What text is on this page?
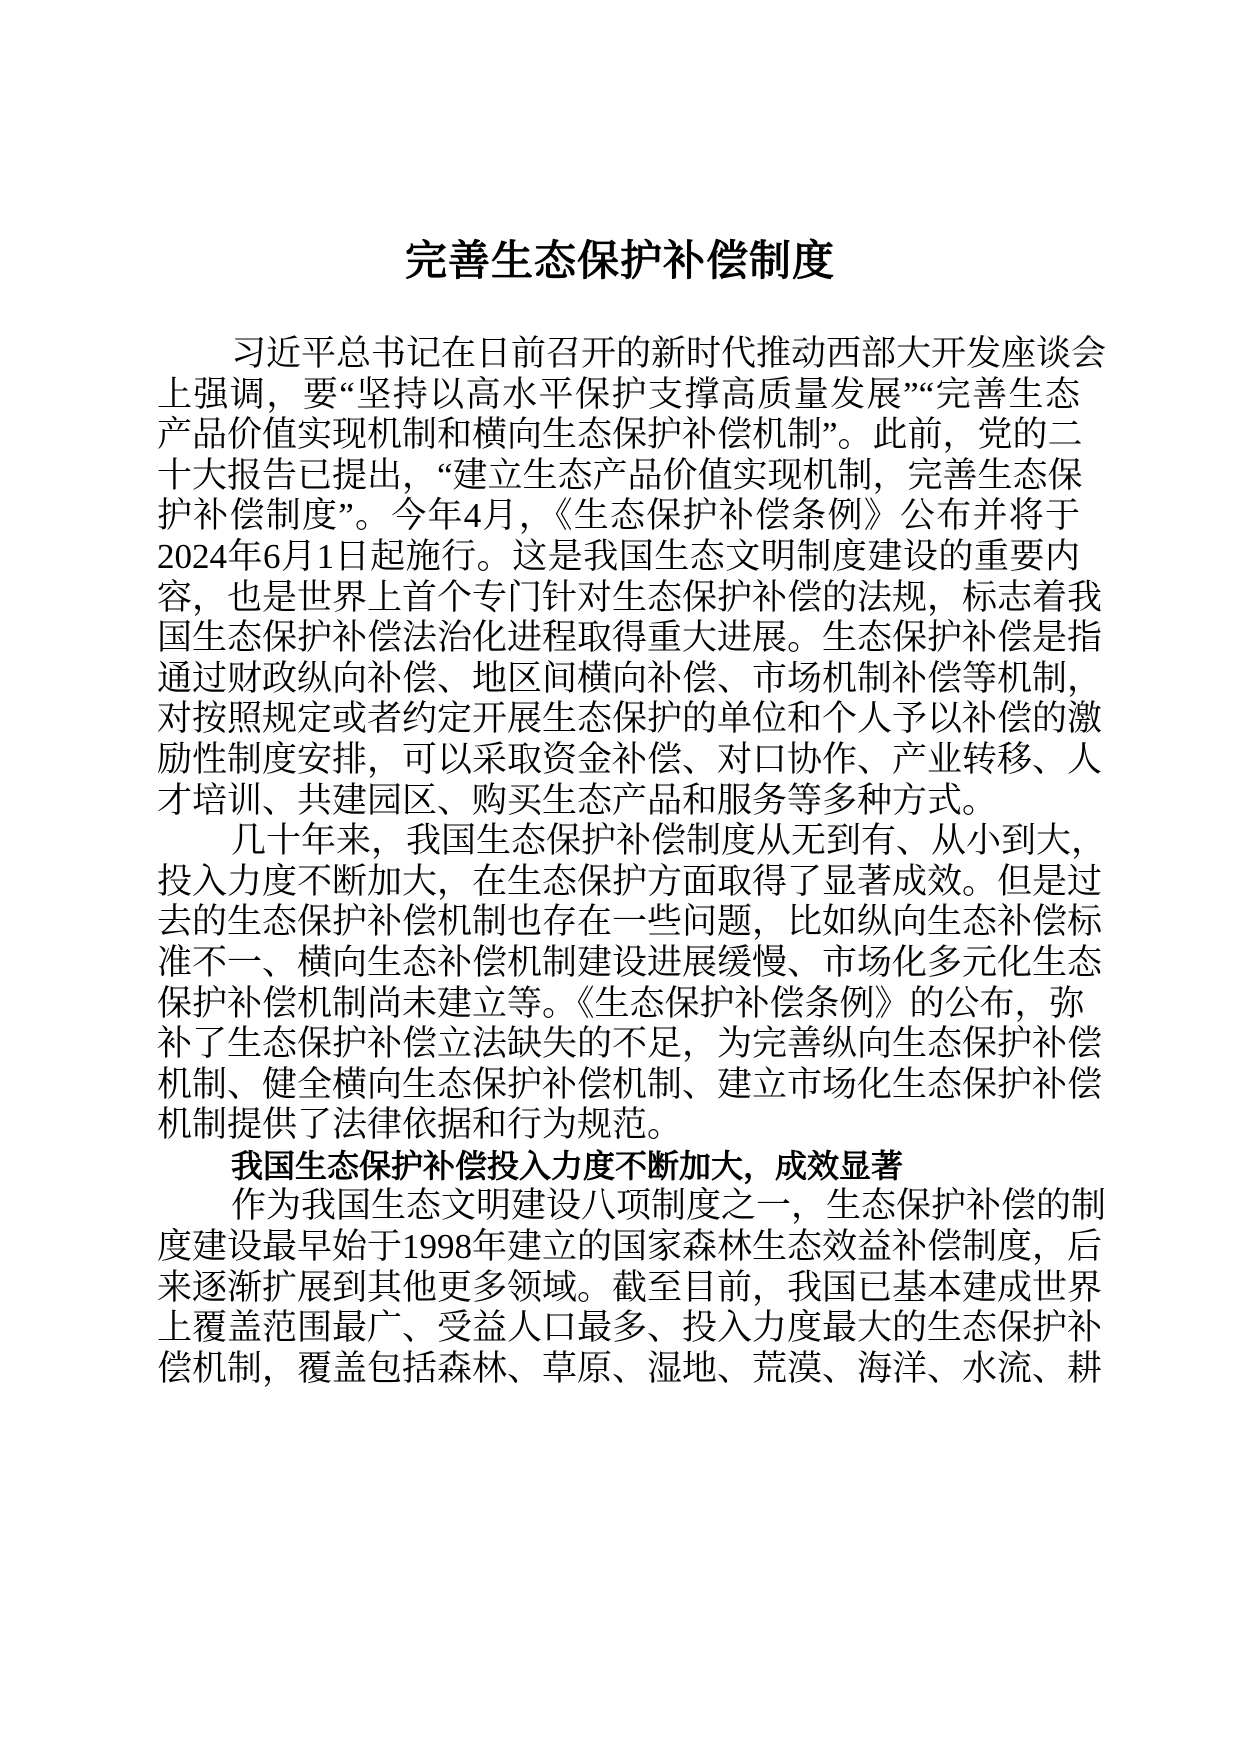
完善生态保护补偿制度
习近平总书记在日前召开的新时代推动西部大开发座谈会
上强调，要“坚持以高水平保护支撑高质量发展”“完善生态
产品价值实现机制和横向生态保护补偿机制”。此前，党的二
十大报告已提出，“建立生态产品价值实现机制，完善生态保
护补偿制度”。今年4月，《生态保护补偿条例》公布并将于
2024年6月1日起施行。这是我国生态文明制度建设的重要内
容，也是世界上首个专门针对生态保护补偿的法规，标志着我
国生态保护补偿法治化进程取得重大进展。生态保护补偿是指
通过财政纵向补偿、地区间横向补偿、市场机制补偿等机制，
对按照规定或者约定开展生态保护的单位和个人予以补偿的激
励性制度安排，可以采取资金补偿、对口协作、产业转移、人
才培训、共建园区、购买生态产品和服务等多种方式。
几十年来，我国生态保护补偿制度从无到有、从小到大，
投入力度不断加大，在生态保护方面取得了显著成效。但是过
去的生态保护补偿机制也存在一些问题，比如纵向生态补偿标
准不一、横向生态补偿机制建设进展缓慢、市场化多元化生态
保护补偿机制尚未建立等。《生态保护补偿条例》的公布，弥
补了生态保护补偿立法缺失的不足，为完善纵向生态保护补偿
机制、健全横向生态保护补偿机制、建立市场化生态保护补偿
机制提供了法律依据和行为规范。
我国生态保护补偿投入力度不断加大，成效显著
作为我国生态文明建设八项制度之一，生态保护补偿的制
度建设最早始于1998年建立的国家森林生态效益补偿制度，后
来逐渐扩展到其他更多领域。截至目前，我国已基本建成世界
上覆盖范围最广、受益人口最多、投入力度最大的生态保护补
偿机制，覆盖包括森林、草原、湿地、荒漠、海洋、水流、耕
